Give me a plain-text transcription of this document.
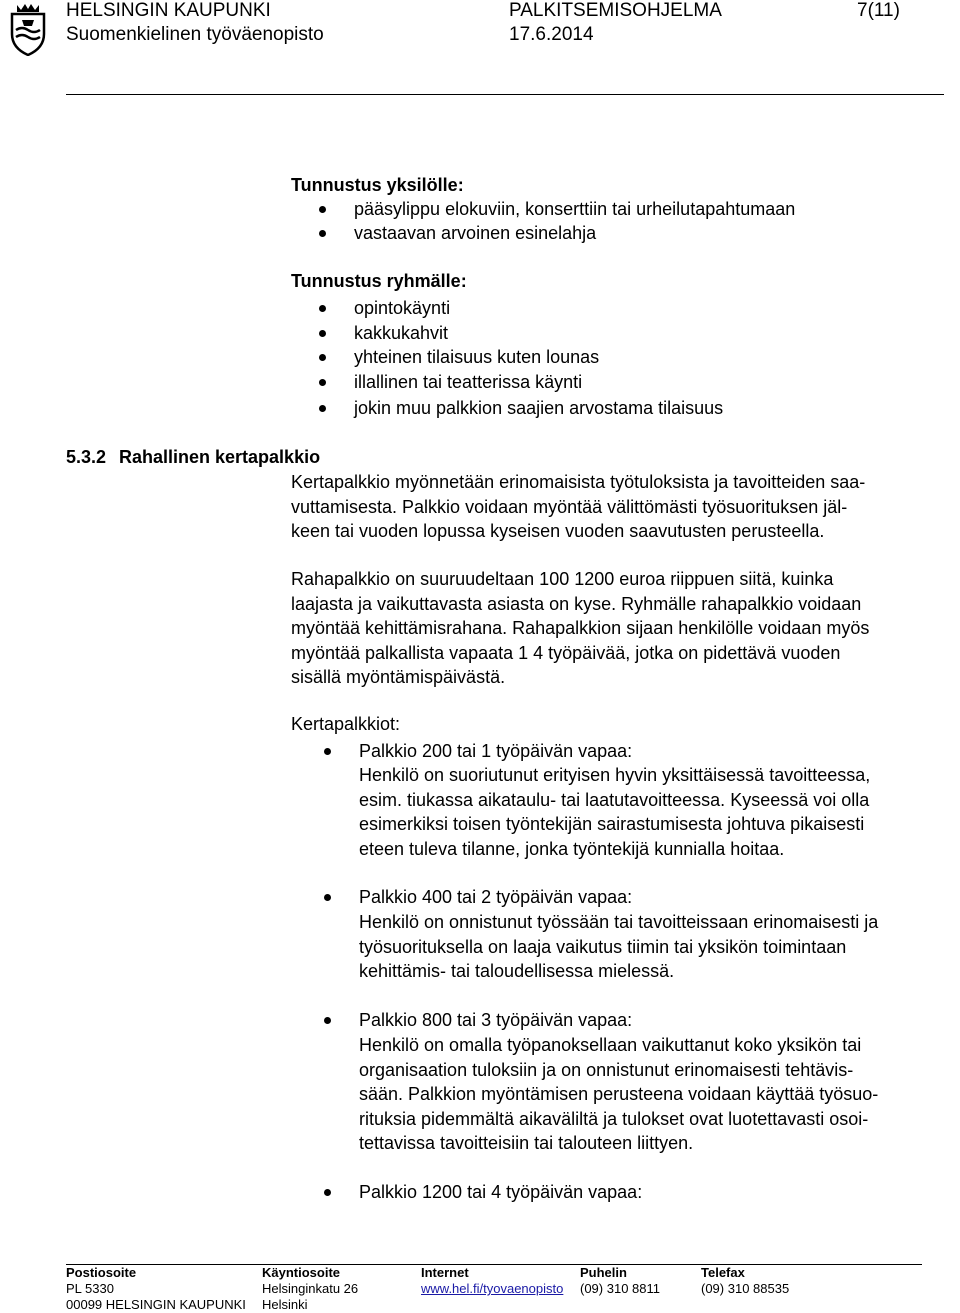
HELSINGIN KAUPUNKI
Suomenkielinen työväenopisto
PALKITSEMISOHJELMA
17.6.2014
7(11)
Tunnustus yksilölle:
pääsylippu elokuviin, konserttiin tai urheilutapahtumaan
vastaavan arvoinen esinelahja
Tunnustus ryhmälle:
opintokäynti
kakkukahvit
yhteinen tilaisuus kuten lounas
illallinen tai teatterissa käynti
jokin muu palkkion saajien arvostama tilaisuus
5.3.2 Rahallinen kertapalkkio
Kertapalkkio myönnetään erinomaisista työtuloksista ja tavoitteiden saa-
vuttamisesta. Palkkio voidaan myöntää välittömästi työsuorituksen jäl-
keen tai vuoden lopussa kyseisen vuoden saavutusten perusteella.
Rahapalkkio on suuruudeltaan 100 1200 euroa riippuen siitä, kuinka
laajasta ja vaikuttavasta asiasta on kyse. Ryhmälle rahapalkkio voidaan
myöntää kehittämisrahana. Rahapalkkion sijaan henkilölle voidaan myös
myöntää palkallista vapaata 1 4 työpäivää, jotka on pidettävä vuoden
sisällä myöntämispäivästä.
Kertapalkkiot:
Palkkio 200 tai 1 työpäivän vapaa:
Henkilö on suoriutunut erityisen hyvin yksittäisessä tavoitteessa,
esim. tiukassa aikataulu- tai laatutavoitteessa. Kyseessä voi olla
esimerkiksi toisen työntekijän sairastumisesta johtuva pikaisesti
eteen tuleva tilanne, jonka työntekijä kunnialla hoitaa.
Palkkio 400 tai 2 työpäivän vapaa:
Henkilö on onnistunut työssään tai tavoitteissaan erinomaisesti ja
työsuorituksella on laaja vaikutus tiimin tai yksikön toimintaan
kehittämis- tai taloudellisessa mielessä.
Palkkio 800 tai 3 työpäivän vapaa:
Henkilö on omalla työpanoksellaan vaikuttanut koko yksikön tai
organisaation tuloksiin ja on onnistunut erinomaisesti tehtävis-
sään. Palkkion myöntämisen perusteena voidaan käyttää työsuo-
rituksia pidemmältä aikaväliltä ja tulokset ovat luotettavasti osoi-
tettavissa tavoitteisiin tai talouteen liittyen.
Palkkio 1200 tai 4 työpäivän vapaa:
Postiosoite
PL 5330
00099 HELSINGIN KAUPUNKI
Käyntiosoite
Helsinginkatu 26
Helsinki
Internet
www.hel.fi/tyovaenopisto
Puhelin
(09) 310 8811
Telefax
(09) 310 88535
